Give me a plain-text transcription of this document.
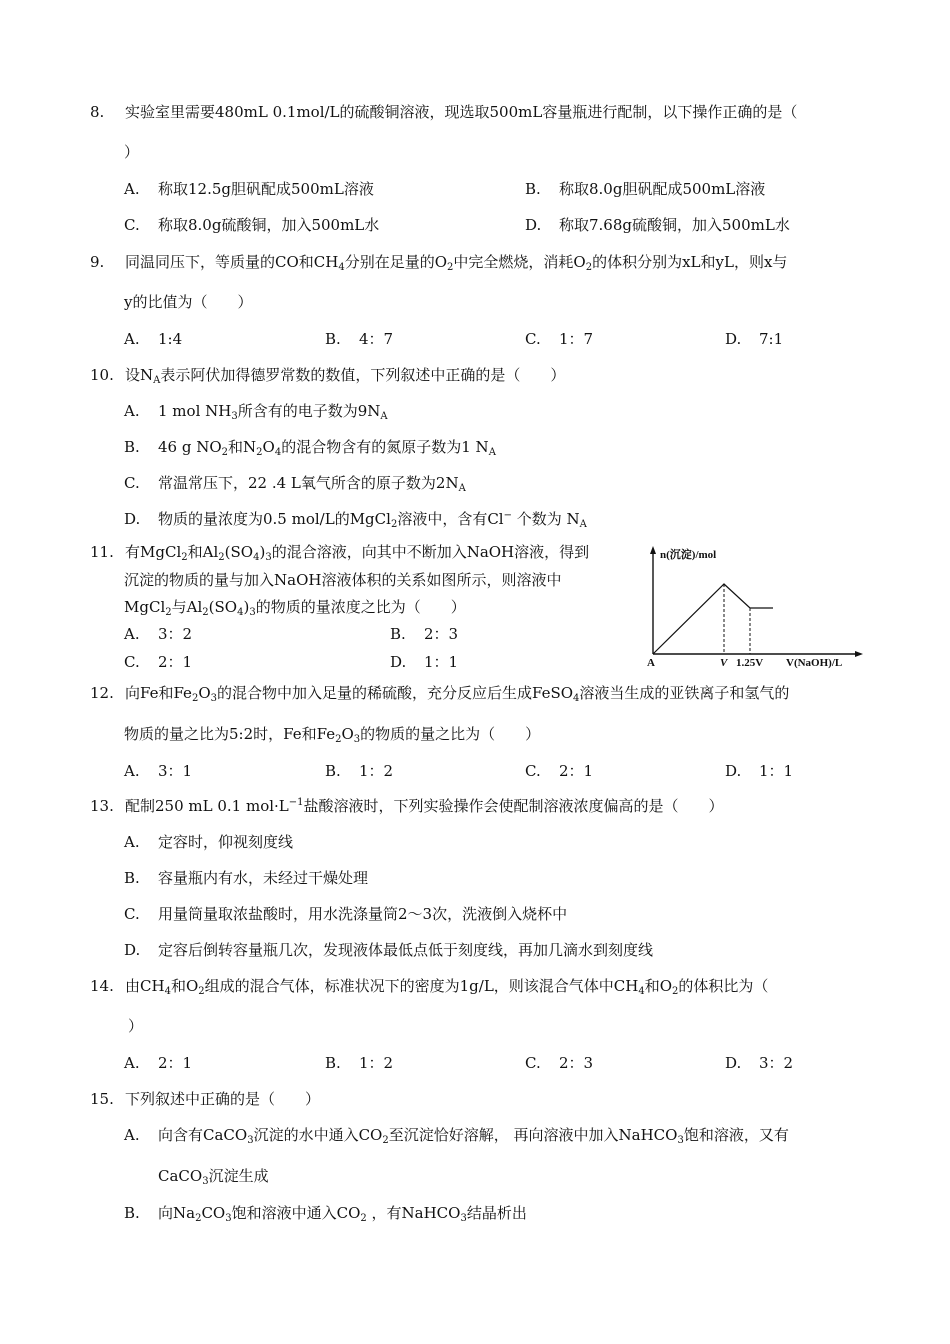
8. 实验室里需要480mL 0.1mol/L的硫酸铜溶液，现选取500mL容量瓶进行配制，以下操作正确的是（
）
A. 称取12.5g胆矾配成500mL溶液	B. 称取8.0g胆矾配成500mL溶液
C. 称取8.0g硫酸铜，加入500mL水	D. 称取7.68g硫酸铜，加入500mL水
9. 同温同压下，等质量的CO和$CH_4$分别在足量的$O_2$中完全燃烧，消耗$O_2$的体积分别为xL和yL，则x与
y的比值为（　　）
A. 1:4	B. 4：7	C. 1：7	D. 7:1
10. 设$N_A$表示阿伏加得德罗常数的数值，下列叙述中正确的是（　　）
A. 1 mol $NH_3$所含有的电子数为$9N_A$
B. 46 g $NO_2$和$N_2O_4$的混合物含有的氮原子数为1 $N_A$
C. 常温常压下，22 .4 L氧气所含的原子数为$2N_A$
D. 物质的量浓度为0.5 mol/L的MgCl$_2$溶液中，含有Cl− 个数为 $N_A$
11. 有MgCl$_2$和$Al_2(SO_4)_3$的混合溶液，向其中不断加入NaOH溶液，得到
沉淀的物质的量与加入NaOH溶液体积的关系如图所示，则溶液中
MgCl$_2$与$Al_2(SO_4)_3$的物质的量浓度之比为（　　）
A. 3：2	B. 2：3
C. 2：1	D. 1：1
n(沉淀)/mol
A	V 1.25V V(NaOH)/L
12. 向Fe和$Fe_2O_3$的混合物中加入足量的稀硫酸，充分反应后生成FeSO$_4$溶液当生成的亚铁离子和氢气的
物质的量之比为5:2时，Fe和$Fe_2O_3$的物质的量之比为（　　）
A. 3：1	B. 1：2	C. 2：1	D. 1：1
13. 配制250 mL 0.1 $mol\cdot L^{-1}$盐酸溶液时，下列实验操作会使配制溶液浓度偏高的是（　　）
A. 定容时，仰视刻度线
B. 容量瓶内有水，未经过干燥处理
C. 用量筒量取浓盐酸时，用水洗涤量筒2～3次，洗液倒入烧杯中
D. 定容后倒转容量瓶几次，发现液体最低点低于刻度线，再加几滴水到刻度线
14. 由$CH_4$和$O_2$组成的混合气体，标准状况下的密度为1g/L，则该混合气体中$CH_4$和$O_2$的体积比为（
）
A. 2：1	B. 1：2	C. 2：3	D. 3：2
15. 下列叙述中正确的是（　　）
A. 向含有CaCO$_3$沉淀的水中通入$CO_2$至沉淀恰好溶解， 再向溶液中加入NaHCO$_3$饱和溶液，又有
CaCO$_3$沉淀生成
B. 向$Na_2CO_3$饱和溶液中通入$CO_2$ ，有NaHCO$_3$结晶析出
